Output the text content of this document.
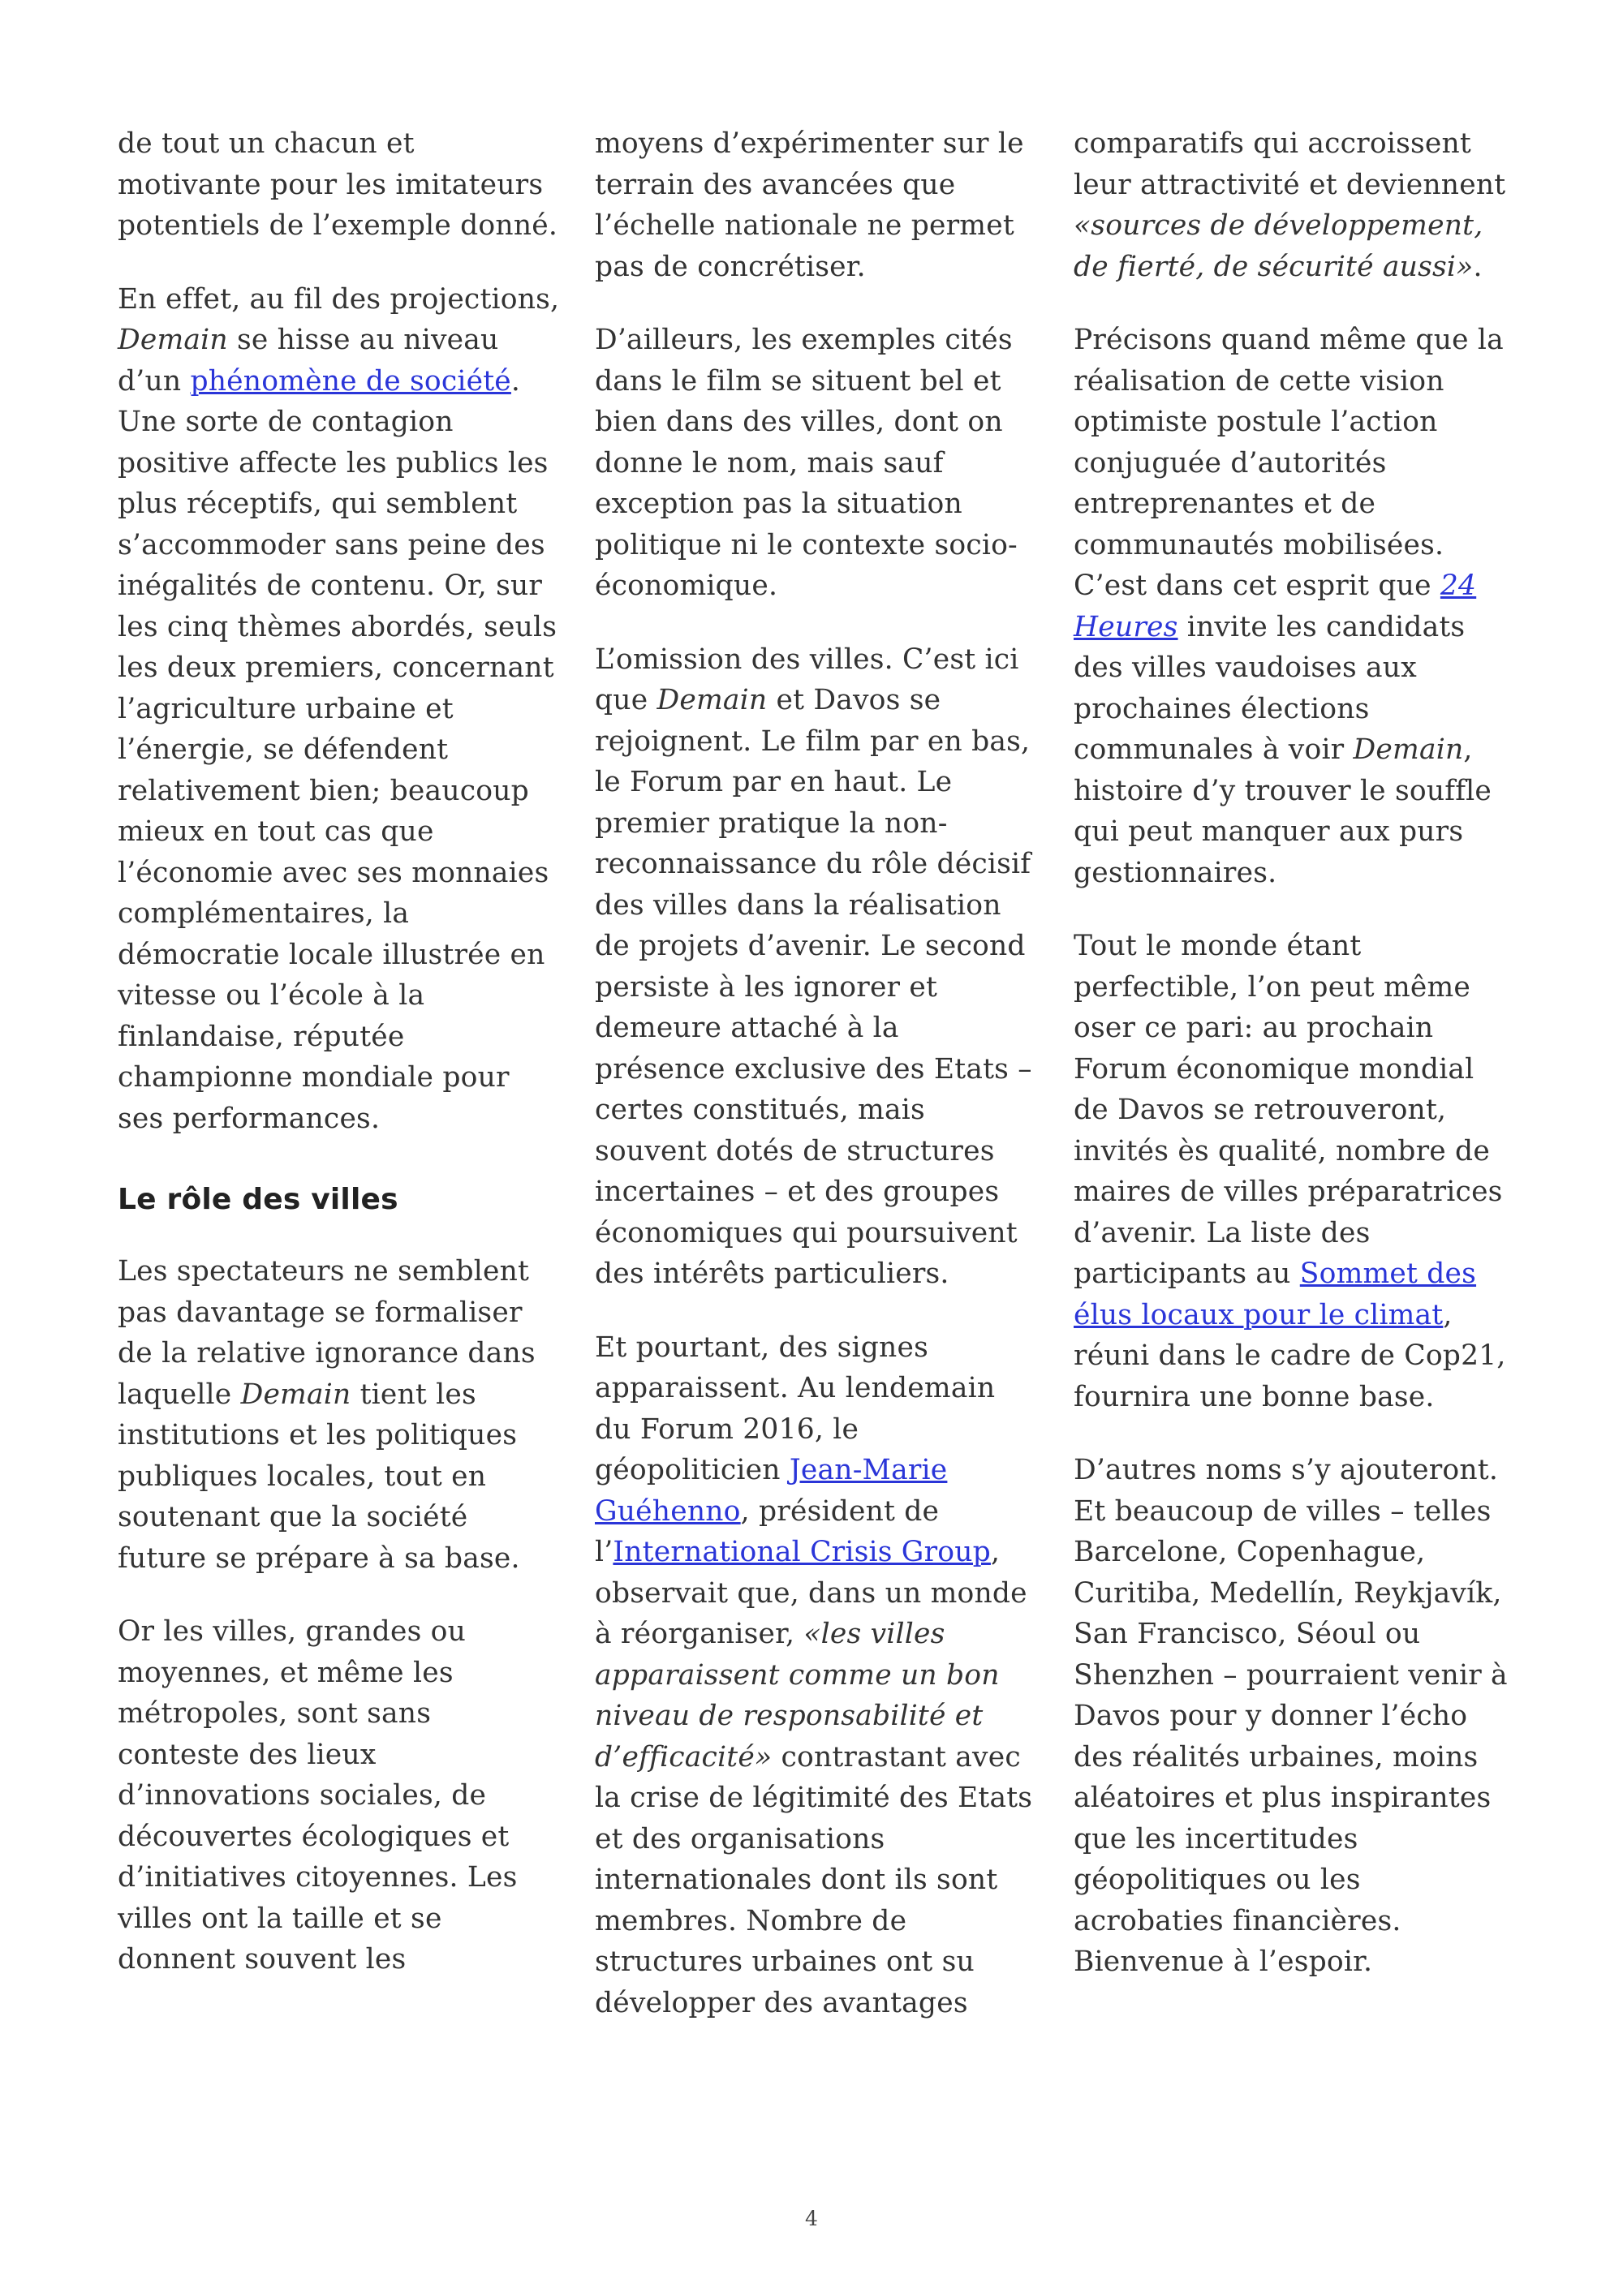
de tout un chacun et motivante pour les imitateurs potentiels de l’exemple donné.

En effet, au fil des projections, Demain se hisse au niveau d’un phénomène de société. Une sorte de contagion positive affecte les publics les plus réceptifs, qui semblent s’accommoder sans peine des inégalités de contenu. Or, sur les cinq thèmes abordés, seuls les deux premiers, concernant l’agriculture urbaine et l’énergie, se défendent relativement bien; beaucoup mieux en tout cas que l’économie avec ses monnaies complémentaires, la démocratie locale illustrée en vitesse ou l’école à la finlandaise, réputée championne mondiale pour ses performances.

Le rôle des villes

Les spectateurs ne semblent pas davantage se formaliser de la relative ignorance dans laquelle Demain tient les institutions et les politiques publiques locales, tout en soutenant que la société future se prépare à sa base.

Or les villes, grandes ou moyennes, et même les métropoles, sont sans conteste des lieux d’innovations sociales, de découvertes écologiques et d’initiatives citoyennes. Les villes ont la taille et se donnent souvent les

moyens d’expérimenter sur le terrain des avancées que l’échelle nationale ne permet pas de concrétiser.

D’ailleurs, les exemples cités dans le film se situent bel et bien dans des villes, dont on donne le nom, mais sauf exception pas la situation politique ni le contexte socio-économique.

L’omission des villes. C’est ici que Demain et Davos se rejoignent. Le film par en bas, le Forum par en haut. Le premier pratique la non-reconnaissance du rôle décisif des villes dans la réalisation de projets d’avenir. Le second persiste à les ignorer et demeure attaché à la présence exclusive des Etats – certes constitués, mais souvent dotés de structures incertaines – et des groupes économiques qui poursuivent des intérêts particuliers.

Et pourtant, des signes apparaissent. Au lendemain du Forum 2016, le géopoliticien Jean-Marie Guéhenno, président de l’International Crisis Group, observait que, dans un monde à réorganiser, «les villes apparaissent comme un bon niveau de responsabilité et d’efficacité» contrastant avec la crise de légitimité des Etats et des organisations internationales dont ils sont membres. Nombre de structures urbaines ont su développer des avantages

comparatifs qui accroissent leur attractivité et deviennent «sources de développement, de fierté, de sécurité aussi».

Précisons quand même que la réalisation de cette vision optimiste postule l’action conjuguée d’autorités entreprenantes et de communautés mobilisées. C’est dans cet esprit que 24 Heures invite les candidats des villes vaudoises aux prochaines élections communales à voir Demain, histoire d’y trouver le souffle qui peut manquer aux purs gestionnaires.

Tout le monde étant perfectible, l’on peut même oser ce pari: au prochain Forum économique mondial de Davos se retrouveront, invités ès qualité, nombre de maires de villes préparatrices d’avenir. La liste des participants au Sommet des élus locaux pour le climat, réuni dans le cadre de Cop21, fournira une bonne base.

D’autres noms s’y ajouteront. Et beaucoup de villes – telles Barcelone, Copenhague, Curitiba, Medellín, Reykjavík, San Francisco, Séoul ou Shenzhen – pourraient venir à Davos pour y donner l’écho des réalités urbaines, moins aléatoires et plus inspirantes que les incertitudes géopolitiques ou les acrobaties financières. Bienvenue à l’espoir.

4
